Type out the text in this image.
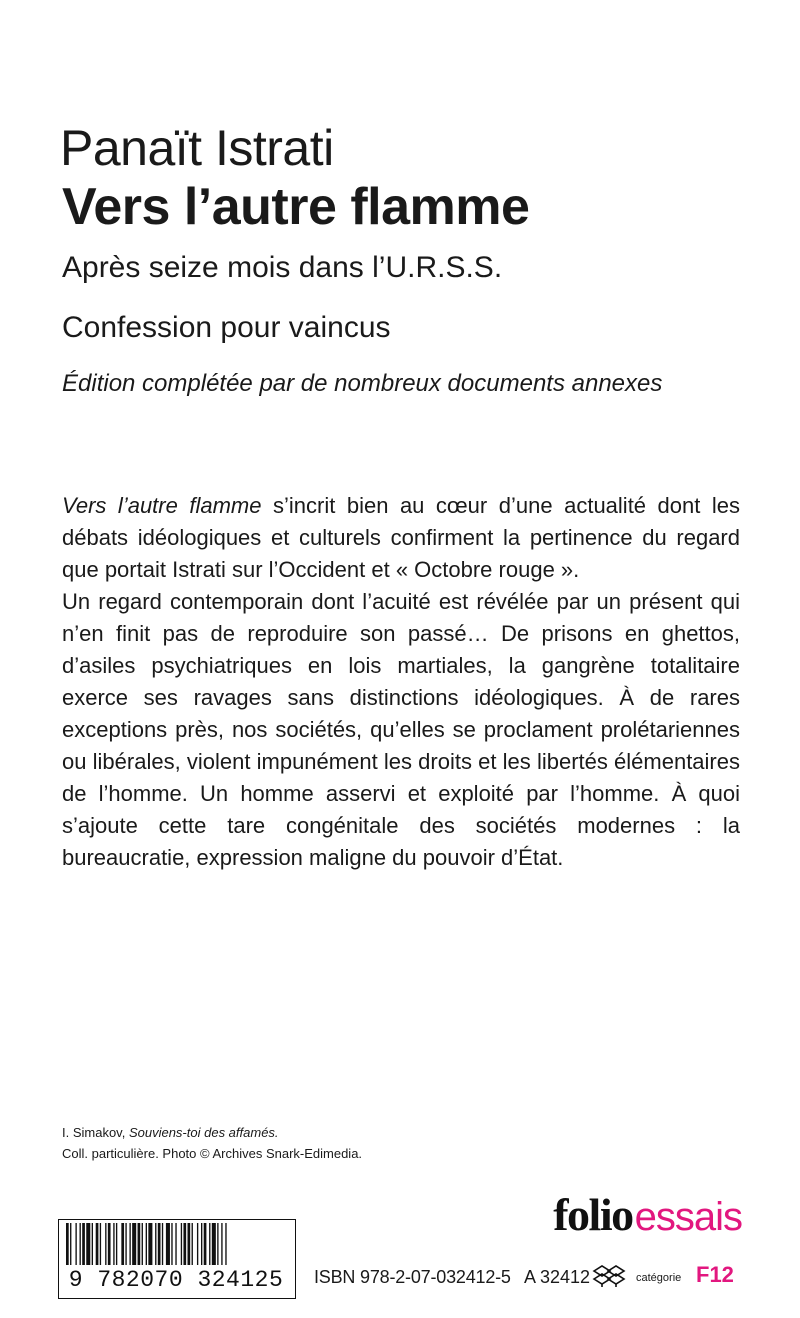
Panaït Istrati
Vers l’autre flamme
Après seize mois dans l’U.R.S.S.
Confession pour vaincus
Édition complétée par de nombreux documents annexes

Vers l’autre flamme s’incrit bien au cœur d’une actualité dont les débats idéologiques et culturels confirment la pertinence du regard que portait Istrati sur l’Occident et « Octobre rouge ».

Un regard contemporain dont l’acuité est révélée par un présent qui n’en finit pas de reproduire son passé… De prisons en ghettos, d’asiles psychiatriques en lois martiales, la gangrène totalitaire exerce ses ravages sans distinctions idéologiques. À de rares exceptions près, nos sociétés, qu’elles se proclament prolétariennes ou libérales, violent impunément les droits et les libertés élémentaires de l’homme. Un homme asservi et exploité par l’homme. À quoi s’ajoute cette tare congénitale des sociétés modernes : la bureaucratie, expression maligne du pouvoir d’État.

I. Simakov, Souviens-toi des affamés.
Coll. particulière. Photo © Archives Snark-Edimedia.
folio essais
9 782070 324125	ISBN 978-2-07-032412-5 A 32412	catégorie F12
